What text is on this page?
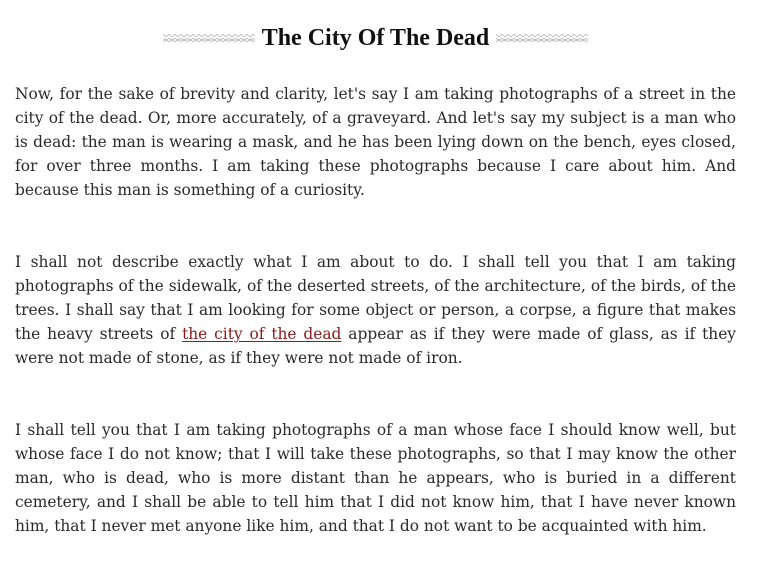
The City Of The Dead

Now, for the sake of brevity and clarity, let's say I am taking photographs of a street in the city of the dead. Or, more accurately, of a graveyard. And let's say my subject is a man who is dead: the man is wearing a mask, and he has been lying down on the bench, eyes closed, for over three months. I am taking these photographs because I care about him. And because this man is something of a curiosity.

I shall not describe exactly what I am about to do. I shall tell you that I am taking photographs of the sidewalk, of the deserted streets, of the architecture, of the birds, of the trees. I shall say that I am looking for some object or person, a corpse, a figure that makes the heavy streets of the city of the dead appear as if they were made of glass, as if they were not made of stone, as if they were not made of iron.

I shall tell you that I am taking photographs of a man whose face I should know well, but whose face I do not know; that I will take these photographs, so that I may know the other man, who is dead, who is more distant than he appears, who is buried in a different cemetery, and I shall be able to tell him that I did not know him, that I have never known him, that I never met anyone like him, and that I do not want to be acquainted with him.
